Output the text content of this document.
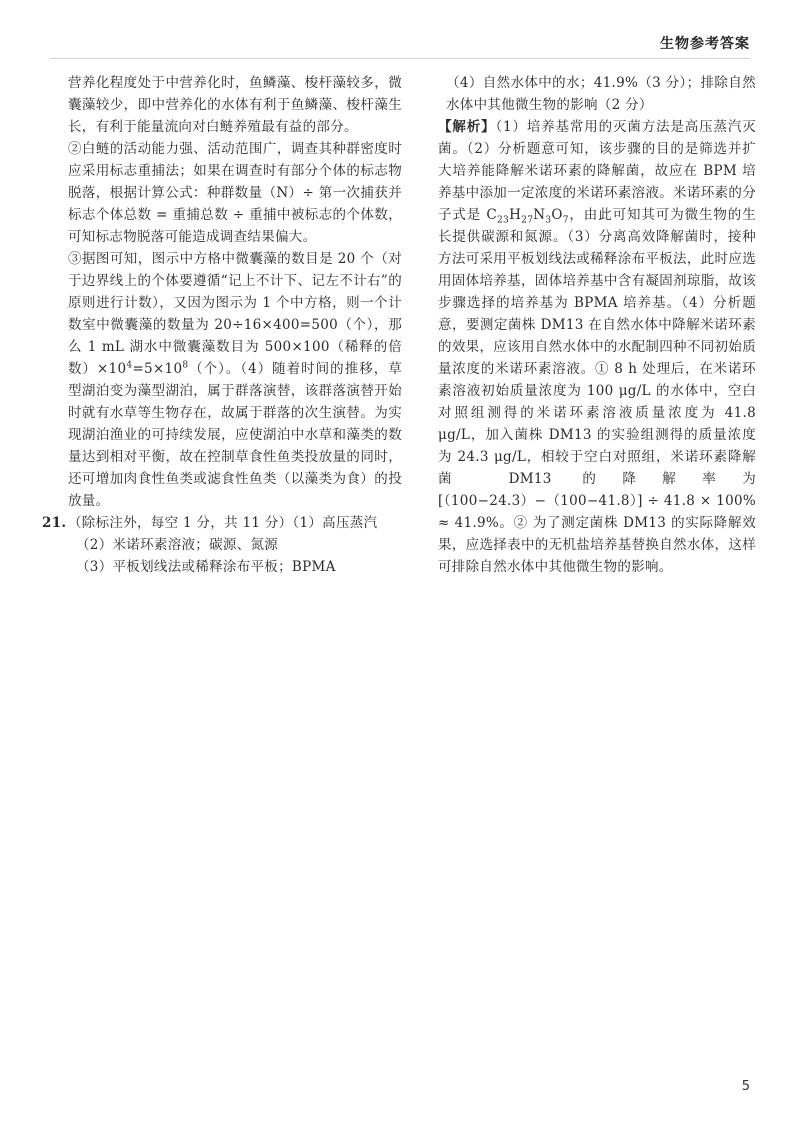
生物参考答案

营养化程度处于中营养化时，鱼鳞藻、梭杆藻较多，微囊藻较少，即中营养化的水体有利于鱼鳞藻、梭杆藻生长，有利于能量流向对白鲢养殖最有益的部分。

②白鲢的活动能力强、活动范围广，调查其种群密度时应采用标志重捕法；如果在调查时有部分个体的标志物脱落，根据计算公式：种群数量（N）÷ 第一次捕获并标志个体总数 = 重捕总数 ÷ 重捕中被标志的个体数，可知标志物脱落可能造成调查结果偏大。

③据图可知，图示中方格中微囊藻的数目是 20 个（对于边界线上的个体要遵循“记上不计下、记左不计右”的原则进行计数），又因为图示为 1 个中方格，则一个计数室中微囊藻的数量为 20÷16×400=500（个），那么 1 mL 湖水中微囊藻数目为 500×100（稀释的倍数）$\times 10^4=5\times 10^8$（个）。（4）随着时间的推移，草型湖泊变为藻型湖泊，属于群落演替，该群落演替开始时就有水草等生物存在，故属于群落的次生演替。为实现湖泊渔业的可持续发展，应使湖泊中水草和藻类的数量达到相对平衡，故在控制草食性鱼类投放量的同时，还可增加肉食性鱼类或滤食性鱼类（以藻类为食）的投放量。

21. （除标注外，每空 1 分，共 11 分）（1）高压蒸汽

（2）米诺环素溶液；碳源、氮源

（3）平板划线法或稀释涂布平板；BPMA

（4）自然水体中的水；41.9%（3 分）；排除自然水体中其他微生物的影响（2 分）

【解析】（1）培养基常用的灭菌方法是高压蒸汽灭菌。（2）分析题意可知，该步骤的目的是筛选并扩大培养能降解米诺环素的降解菌，故应在 BPM 培养基中添加一定浓度的米诺环素溶液。米诺环素的分子式是 $C_{23}H_{27}N_3O_7$，由此可知其可为微生物的生长提供碳源和氮源。（3）分离高效降解菌时，接种方法可采用平板划线法或稀释涂布平板法，此时应选用固体培养基，固体培养基中含有凝固剂琼脂，故该步骤选择的培养基为 BPMA 培养基。（4）分析题意，要测定菌株 DM13 在自然水体中降解米诺环素的效果，应该用自然水体中的水配制四种不同初始质量浓度的米诺环素溶液。① 8 h 处理后，在米诺环素溶液初始质量浓度为 100 μg/L 的水体中，空白对照组测得的米诺环素溶液质量浓度为 41.8 μg/L，加入菌株 DM13 的实验组测得的质量浓度为 24.3 μg/L，相较于空白对照组，米诺环素降解菌 DM13 的降解率为 [（100−24.3）−（100−41.8）] ÷ 41.8 × 100% ≈ 41.9%。② 为了测定菌株 DM13 的实际降解效果，应选择表中的无机盐培养基替换自然水体，这样可排除自然水体中其他微生物的影响。

5
